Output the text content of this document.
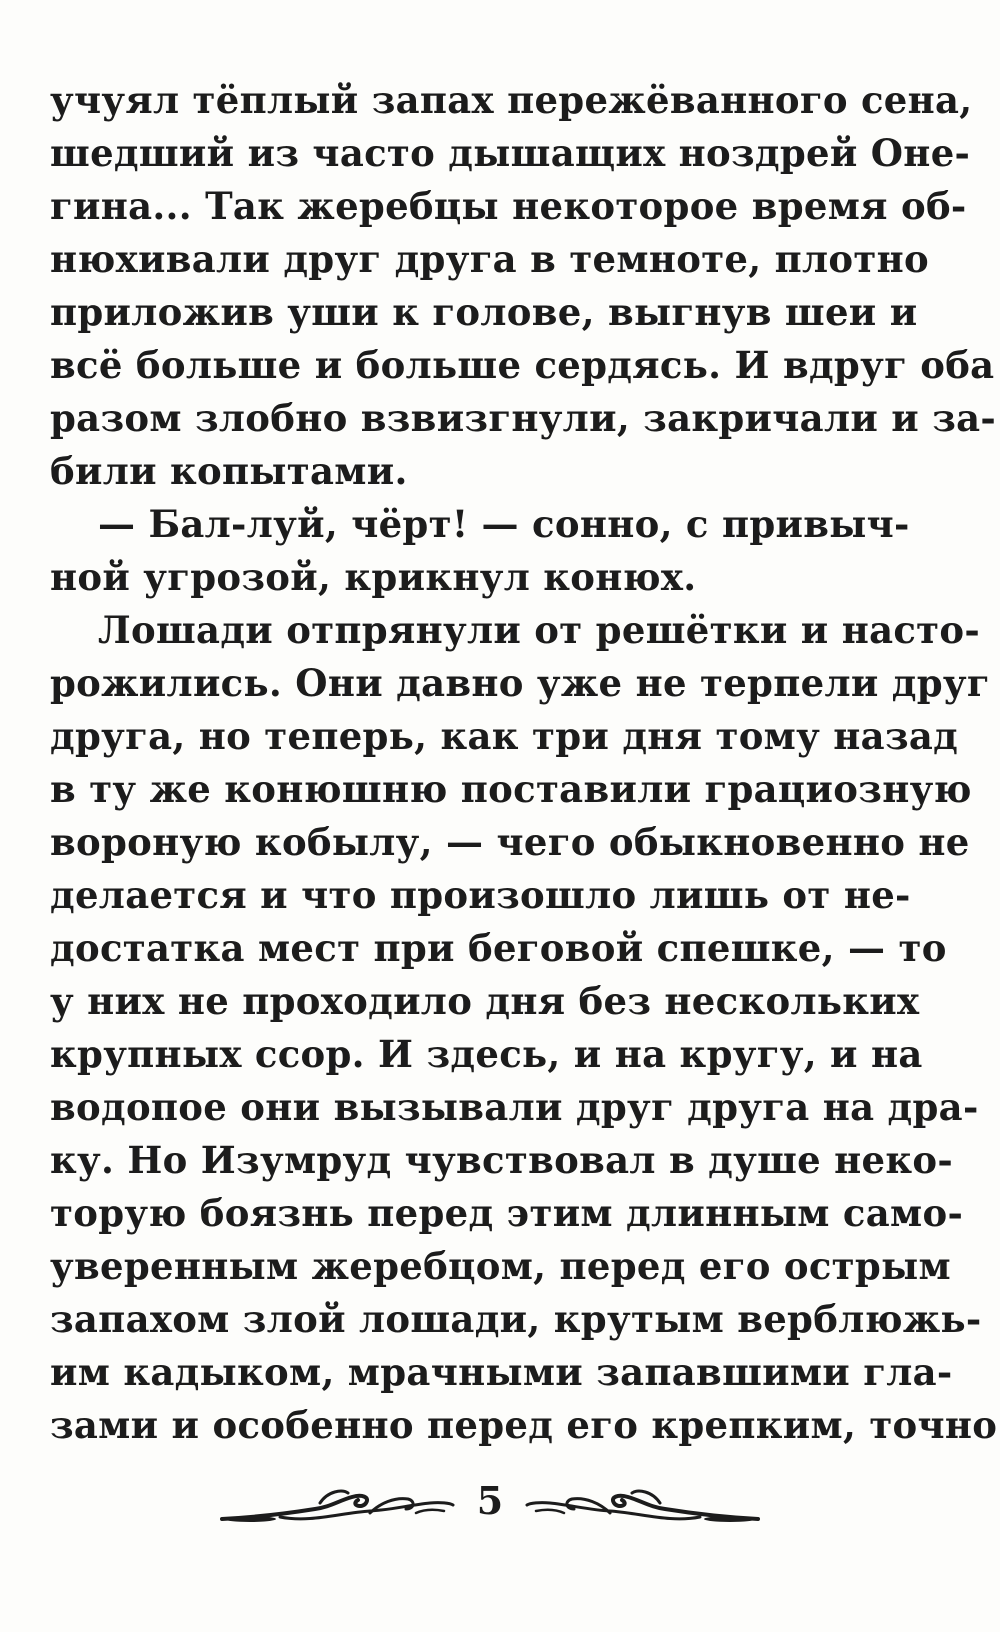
учуял тёплый запах пережёванного сена,
шедший из часто дышащих ноздрей Оне-
гина... Так жеребцы некоторое время об-
нюхивали друг друга в темноте, плотно
приложив уши к голове, выгнув шеи и
всё больше и больше сердясь. И вдруг оба
разом злобно взвизгнули, закричали и за-
били копытами.
— Бал-луй, чёрт! — сонно, с привыч-
ной угрозой, крикнул конюх.
Лошади отпрянули от решётки и насто-
рожились. Они давно уже не терпели друг
друга, но теперь, как три дня тому назад
в ту же конюшню поставили грациозную
вороную кобылу, — чего обыкновенно не
делается и что произошло лишь от не-
достатка мест при беговой спешке, — то
у них не проходило дня без нескольких
крупных ссор. И здесь, и на кругу, и на
водопое они вызывали друг друга на дра-
ку. Но Изумруд чувствовал в душе неко-
торую боязнь перед этим длинным само-
уверенным жеребцом, перед его острым
запахом злой лошади, крутым верблюжь-
им кадыком, мрачными запавшими гла-
зами и особенно перед его крепким, точно
5
